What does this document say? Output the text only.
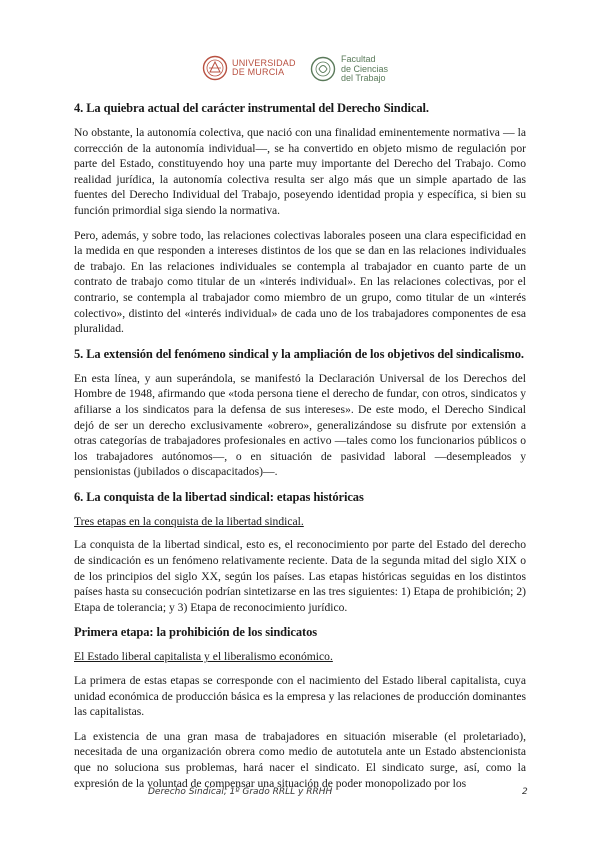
UNIVERSIDAD
DE MURCIA
Facultad
de Ciencias
del Trabajo
4. La quiebra actual del carácter instrumental del Derecho Sindical.

No obstante, la autonomía colectiva, que nació con una finalidad eminentemente normativa — la corrección de la autonomía individual—, se ha convertido en objeto mismo de regulación por parte del Estado, constituyendo hoy una parte muy importante del Derecho del Trabajo. Como realidad jurídica, la autonomía colectiva resulta ser algo más que un simple apartado de las fuentes del Derecho Individual del Trabajo, poseyendo identidad propia y específica, si bien su función primordial siga siendo la normativa.

Pero, además, y sobre todo, las relaciones colectivas laborales poseen una clara especificidad en la medida en que responden a intereses distintos de los que se dan en las relaciones individuales de trabajo. En las relaciones individuales se contempla al trabajador en cuanto parte de un contrato de trabajo como titular de un «interés individual». En las relaciones colectivas, por el contrario, se contempla al trabajador como miembro de un grupo, como titular de un «interés colectivo», distinto del «interés individual» de cada uno de los trabajadores componentes de esa pluralidad.

5. La extensión del fenómeno sindical y la ampliación de los objetivos del sindicalismo.

En esta línea, y aun superándola, se manifestó la Declaración Universal de los Derechos del Hombre de 1948, afirmando que «toda persona tiene el derecho de fundar, con otros, sindicatos y afiliarse a los sindicatos para la defensa de sus intereses». De este modo, el Derecho Sindical dejó de ser un derecho exclusivamente «obrero», generalizándose su disfrute por extensión a otras categorías de trabajadores profesionales en activo —tales como los funcionarios públicos o los trabajadores autónomos—, o en situación de pasividad laboral —desempleados y pensionistas (jubilados o discapacitados)—.

6. La conquista de la libertad sindical: etapas históricas

Tres etapas en la conquista de la libertad sindical.

La conquista de la libertad sindical, esto es, el reconocimiento por parte del Estado del derecho de sindicación es un fenómeno relativamente reciente. Data de la segunda mitad del siglo XIX o de los principios del siglo XX, según los países. Las etapas históricas seguidas en los distintos países hasta su consecución podrían sintetizarse en las tres siguientes: 1) Etapa de prohibición; 2) Etapa de tolerancia; y 3) Etapa de reconocimiento jurídico.

Primera etapa: la prohibición de los sindicatos

El Estado liberal capitalista y el liberalismo económico.

La primera de estas etapas se corresponde con el nacimiento del Estado liberal capitalista, cuya unidad económica de producción básica es la empresa y las relaciones de producción dominantes las capitalistas.

La existencia de una gran masa de trabajadores en situación miserable (el proletariado), necesitada de una organización obrera como medio de autotutela ante un Estado abstencionista que no soluciona sus problemas, hará nacer el sindicato. El sindicato surge, así, como la expresión de la voluntad de compensar una situación de poder monopolizado por los

Derecho Sindical, 1º Grado RRLL y RRHH	2
